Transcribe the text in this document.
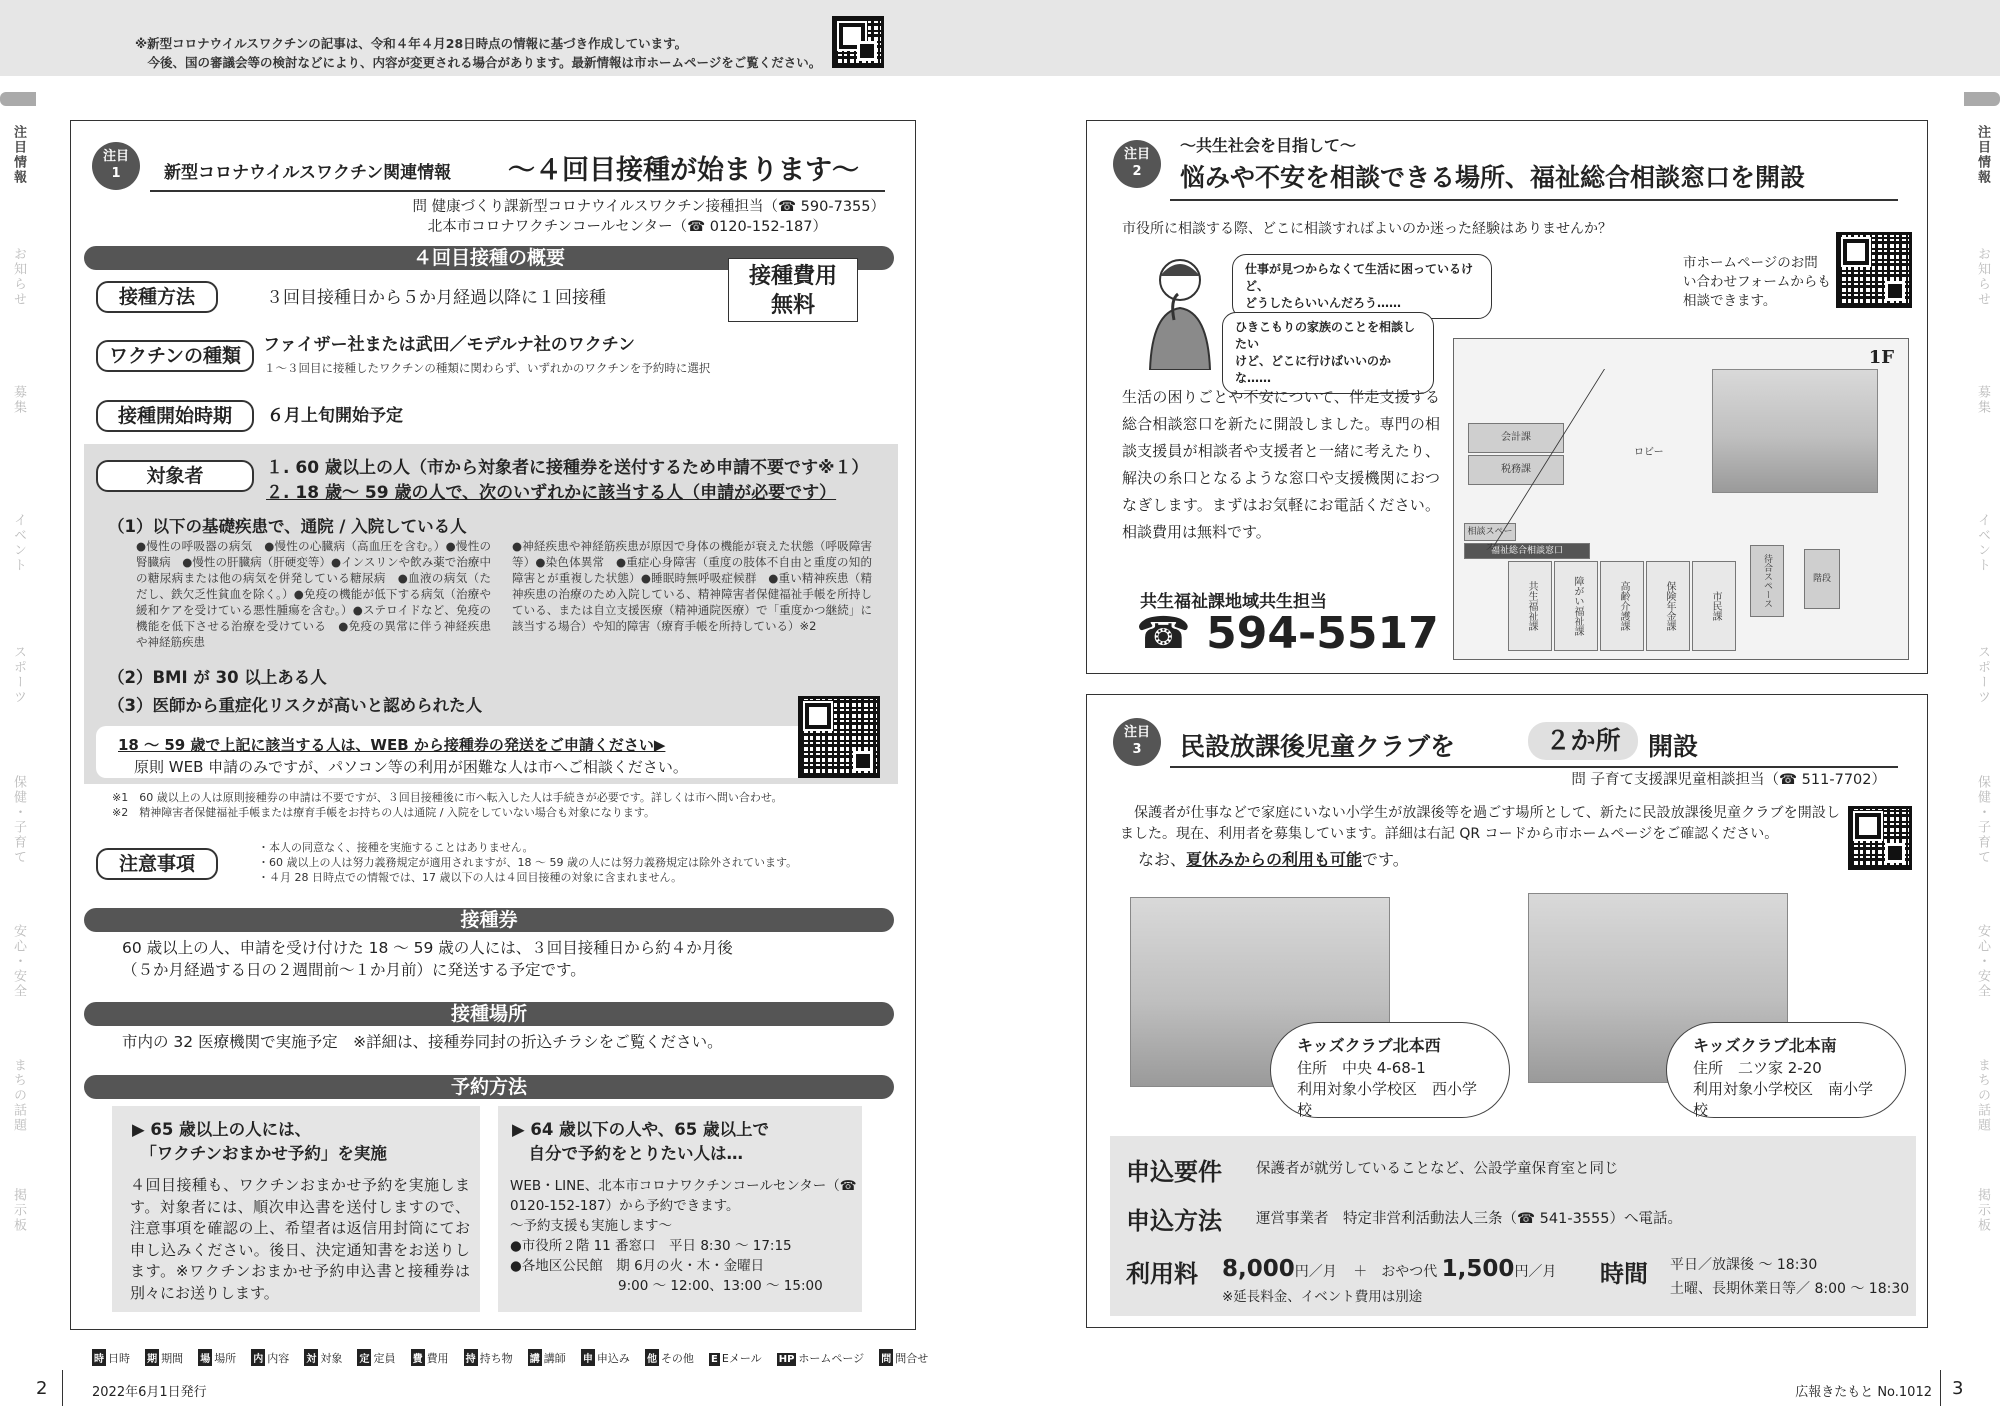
※新型コロナウイルスワクチンの記事は、令和４年４月28日時点の情報に基づき作成しています。
　今後、国の審議会等の検討などにより、内容が変更される場合があります。最新情報は市ホームページをご覧ください。
注目情報
お知らせ
募集
イベント
スポーツ
保健・子育て
安心・安全
まちの話題
掲示板
注目情報
お知らせ
募集
イベント
スポーツ
保健・子育て
安心・安全
まちの話題
掲示板
注目
1	新型コロナウイルスワクチン関連情報 ～４回目接種が始まります～
問 健康づくり課新型コロナウイルスワクチン接種担当（☎ 590-7355）
北本市コロナワクチンコールセンター（☎ 0120-152-187）
４回目接種の概要
接種費用
無料
接種方法	３回目接種日から５か月経過以降に１回接種
ワクチンの種類	ファイザー社または武田／モデルナ社のワクチン
１～３回目に接種したワクチンの種類に関わらず、いずれかのワクチンを予約時に選択
接種開始時期	６月上旬開始予定
対象者	１. 60 歳以上の人（市から対象者に接種券を送付するため申請不要です※１）
２. 18 歳～ 59 歳の人で、次のいずれかに該当する人（申請が必要です）
（1）以下の基礎疾患で、通院 / 入院している人
●慢性の呼吸器の病気　●慢性の心臓病（高血圧を含む。）●慢性の腎臓病　●慢性の肝臓病（肝硬変等）●インスリンや飲み薬で治療中の糖尿病または他の病気を併発している糖尿病　●血液の病気（ただし、鉄欠乏性貧血を除く。）●免疫の機能が低下する病気（治療や緩和ケアを受けている悪性腫瘍を含む。）●ステロイドなど、免疫の機能を低下させる治療を受けている　●免疫の異常に伴う神経疾患や神経筋疾患
●神経疾患や神経筋疾患が原因で身体の機能が衰えた状態（呼吸障害等）●染色体異常　●重症心身障害（重度の肢体不自由と重度の知的障害とが重複した状態）●睡眠時無呼吸症候群　●重い精神疾患（精神疾患の治療のため入院している、精神障害者保健福祉手帳を所持している、または自立支援医療（精神通院医療）で「重度かつ継続」に該当する場合）や知的障害（療育手帳を所持している）※2
（2）BMI が 30 以上ある人
（3）医師から重症化リスクが高いと認められた人
18 ～ 59 歳で上記に該当する人は、WEB から接種券の発送をご申請ください▶
原則 WEB 申請のみですが、パソコン等の利用が困難な人は市へご相談ください。
※1　60 歳以上の人は原則接種券の申請は不要ですが、３回目接種後に市へ転入した人は手続きが必要です。詳しくは市へ問い合わせ。
※2　精神障害者保健福祉手帳または療育手帳をお持ちの人は通院 / 入院をしていない場合も対象になります。
注意事項
・本人の同意なく、接種を実施することはありません。
・60 歳以上の人は努力義務規定が適用されますが、18 ～ 59 歳の人には努力義務規定は除外されています。
・４月 28 日時点での情報では、17 歳以下の人は４回目接種の対象に含まれません。
接種券
60 歳以上の人、申請を受け付けた 18 ～ 59 歳の人には、３回目接種日から約４か月後
（５か月経過する日の２週間前～１か月前）に発送する予定です。
接種場所
市内の 32 医療機関で実施予定　※詳細は、接種券同封の折込チラシをご覧ください。
予約方法
▶ 65 歳以上の人には、
　「ワクチンおまかせ予約」を実施
４回目接種も、ワクチンおまかせ予約を実施します。対象者には、順次申込書を送付しますので、注意事項を確認の上、希望者は返信用封筒にてお申し込みください。後日、決定通知書をお送りします。※ワクチンおまかせ予約申込書と接種券は別々にお送りします。
▶ 64 歳以下の人や、65 歳以上で
　自分で予約をとりたい人は…
WEB・LINE、北本市コロナワクチンコールセンター（☎ 0120-152-187）から予約できます。
～予約支援も実施します～
●市役所２階 11 番窓口　平日 8:30 ～ 17:15
●各地区公民館　期 6月の火・木・金曜日
　　　　　　　　9:00 ～ 12:00、13:00 ～ 15:00
時 日時 期 期間 場 場所 内 内容 対 対象 定 定員 費 費用 持 持ち物 講 講師 申 申込み 他 その他 E Eメール HP ホームページ 問 問合せ
2	2022年6月1日発行	広報きたもと No.1012 3
注目
2
～共生社会を目指して～
悩みや不安を相談できる場所、福祉総合相談窓口を開設
市役所に相談する際、どこに相談すればよいのか迷った経験はありませんか？
仕事が見つからなくて生活に困っているけど、
どうしたらいいんだろう……
ひきこもりの家族のことを相談したい
けど、どこに行けばいいのかな……
市ホームページのお問い合わせフォームからも相談できます。
生活の困りごとや不安について、伴走支援する総合相談窓口を新たに開設しました。専門の相談支援員が相談者や支援者と一緒に考えたり、解決の糸口となるような窓口や支援機関におつなぎします。まずはお気軽にお電話ください。相談費用は無料です。
共生福祉課地域共生担当
☎ 594-5517
1F
会計課
税務課
共生福祉課	障がい福祉課	高齢介護課	保険年金課	市民課
福祉総合相談窓口
相談スペース
待合スペース
ロビー
階段
注目
3	民設放課後児童クラブを	２か所	開設
問 子育て支援課児童相談担当（☎ 511-7702）
保護者が仕事などで家庭にいない小学生が放課後等を過ごす場所として、新たに民設放課後児童クラブを開設しました。現在、利用者を募集しています。詳細は右記 QR コードから市ホームページをご確認ください。
なお、夏休みからの利用も可能です。
キッズクラブ北本西
住所　中央 4-68-1
利用対象小学校区　西小学校
キッズクラブ北本南
住所　二ツ家 2-20
利用対象小学校区　南小学校
申込要件 保護者が就労していることなど、公設学童保育室と同じ
申込方法 運営事業者　特定非営利活動法人三条（☎ 541-3555）へ電話。
利用料 8,000円／月 ＋　おやつ代 1,500円／月
※延長料金、イベント費用は別途
時間 平日／放課後 ～ 18:30
土曜、長期休業日等／ 8:00 ～ 18:30
